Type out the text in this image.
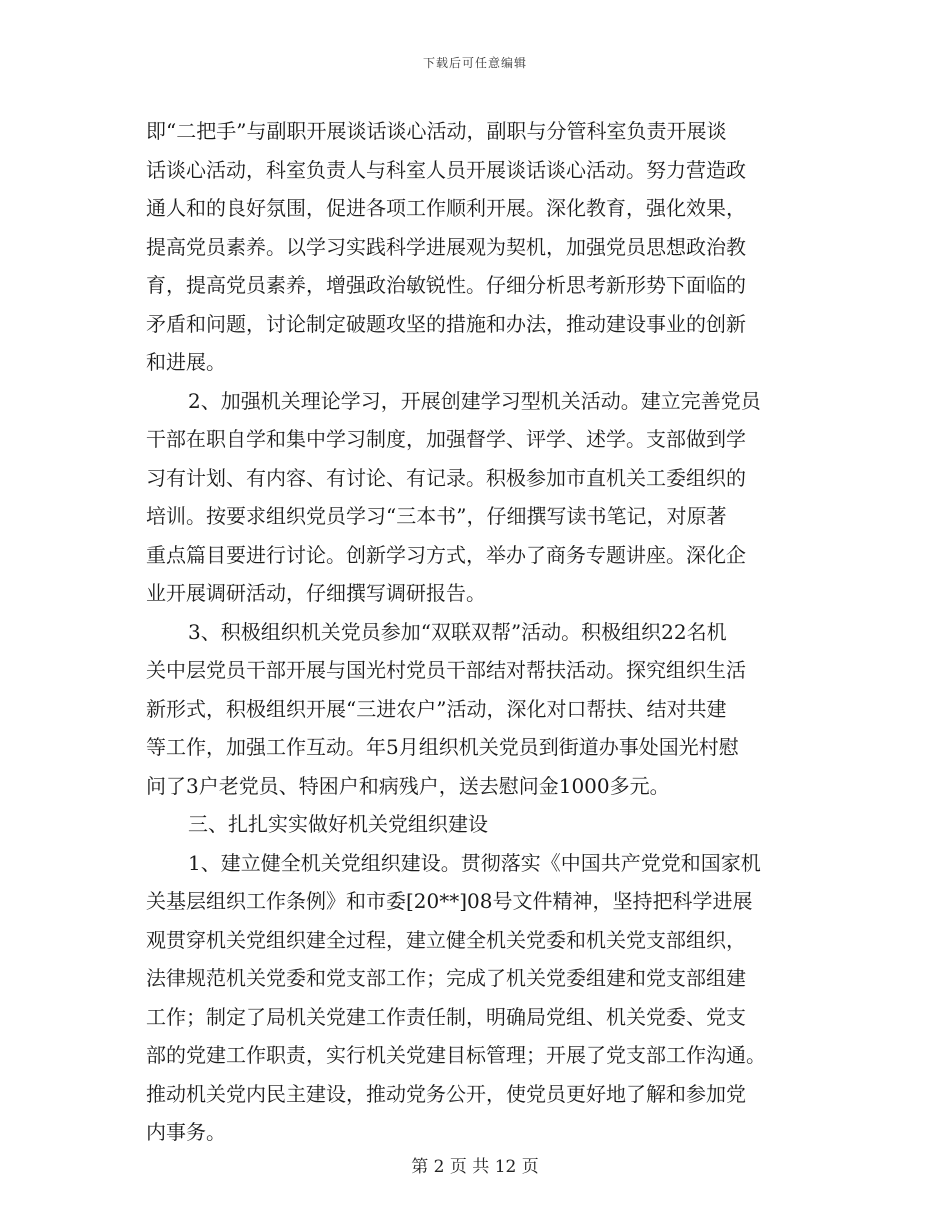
下载后可任意编辑
即“二把手”与副职开展谈话谈心活动，副职与分管科室负责开展谈
话谈心活动，科室负责人与科室人员开展谈话谈心活动。努力营造政
通人和的良好氛围，促进各项工作顺利开展。深化教育，强化效果，
提高党员素养。以学习实践科学进展观为契机，加强党员思想政治教
育，提高党员素养，增强政治敏锐性。仔细分析思考新形势下面临的
矛盾和问题，讨论制定破题攻坚的措施和办法，推动建设事业的创新
和进展。
2、加强机关理论学习，开展创建学习型机关活动。建立完善党员
干部在职自学和集中学习制度，加强督学、评学、述学。支部做到学
习有计划、有内容、有讨论、有记录。积极参加市直机关工委组织的
培训。按要求组织党员学习“三本书”，仔细撰写读书笔记，对原著
重点篇目要进行讨论。创新学习方式，举办了商务专题讲座。深化企
业开展调研活动，仔细撰写调研报告。
3、积极组织机关党员参加“双联双帮”活动。积极组织22名机
关中层党员干部开展与国光村党员干部结对帮扶活动。探究组织生活
新形式，积极组织开展“三进农户”活动，深化对口帮扶、结对共建
等工作，加强工作互动。年5月组织机关党员到街道办事处国光村慰
问了3户老党员、特困户和病残户，送去慰问金1000多元。
三、扎扎实实做好机关党组织建设
1、建立健全机关党组织建设。贯彻落实《中国共产党党和国家机
关基层组织工作条例》和市委[20**]08号文件精神，坚持把科学进展
观贯穿机关党组织建全过程，建立健全机关党委和机关党支部组织，
法律规范机关党委和党支部工作；完成了机关党委组建和党支部组建
工作；制定了局机关党建工作责任制，明确局党组、机关党委、党支
部的党建工作职责，实行机关党建目标管理；开展了党支部工作沟通。
推动机关党内民主建设，推动党务公开，使党员更好地了解和参加党
内事务。
第 2 页 共 12 页
